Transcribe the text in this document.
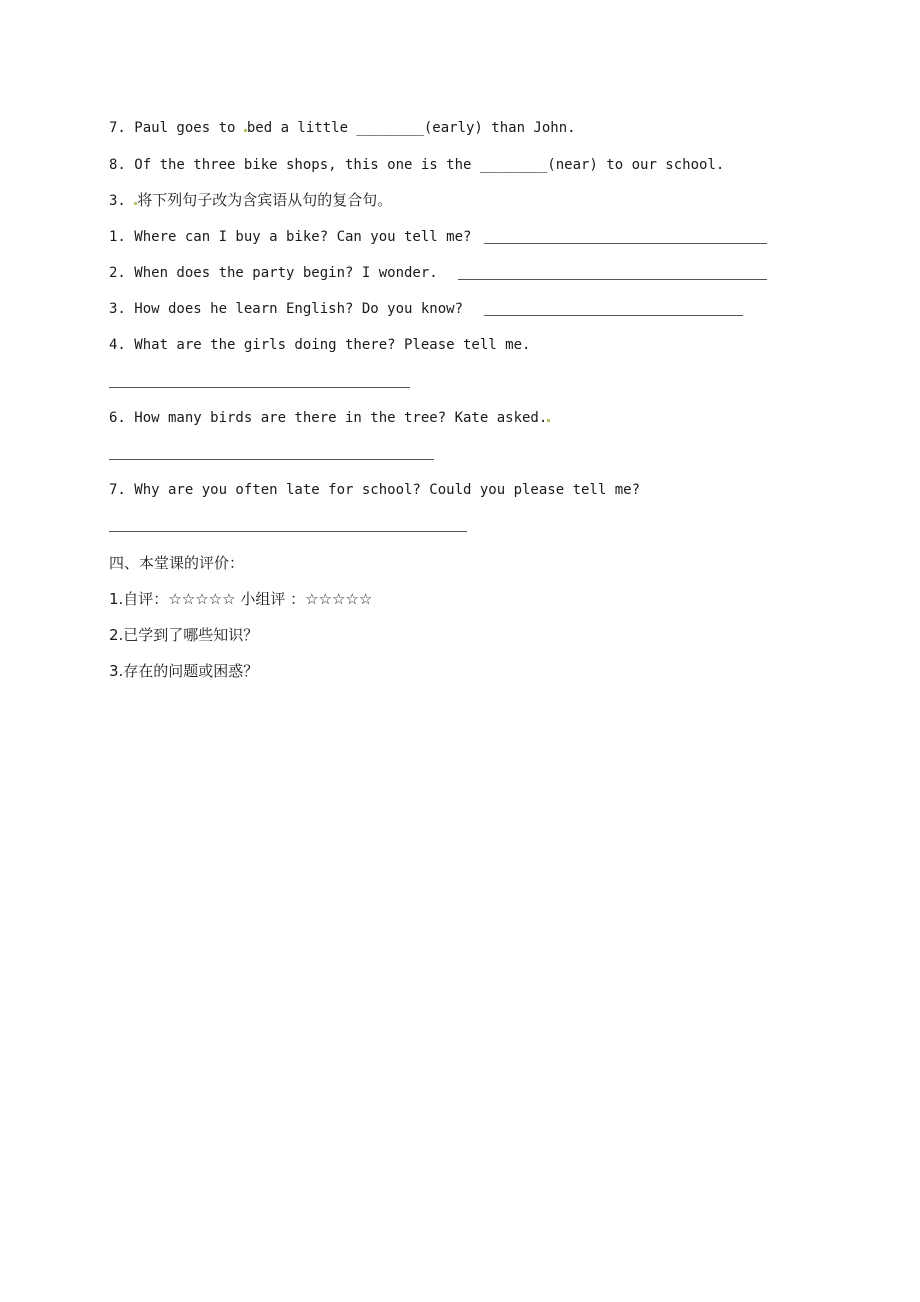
7. Paul goes to bed a little ________(early) than John.
8. Of the three bike shops, this one is the ________(near) to our school.
3. 将下列句子改为含宾语从句的复合句。
1. Where can I buy a bike? Can you tell me?
2. When does the party begin? I wonder.
3. How does he learn English? Do you know?
4. What are the girls doing there? Please tell me.
6. How many birds are there in the tree? Kate asked.
7. Why are you often late for school? Could you please tell me?
四、本堂课的评价：
1.自评：☆☆☆☆☆ 小组评 ：☆☆☆☆☆
2.已学到了哪些知识？
3.存在的问题或困惑？
